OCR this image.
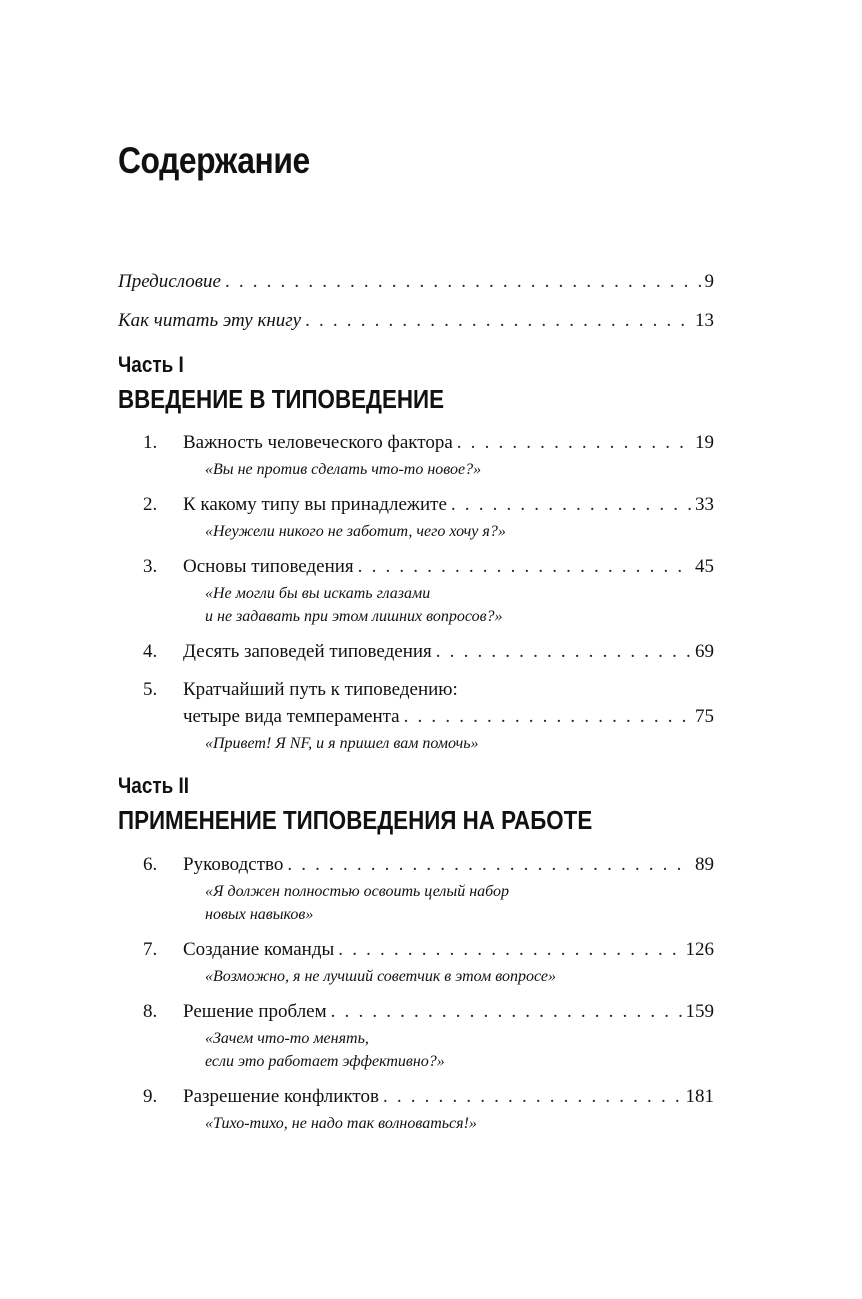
Содержание
Предисловие . . .	9
Как читать эту книгу . . .	13
Часть I
ВВЕДЕНИЕ В ТИПОВЕДЕНИЕ
1. Важность человеческого фактора . . .	19
«Вы не против сделать что-то новое?»
2. К какому типу вы принадлежите . . .	33
«Неужели никого не заботит, чего хочу я?»
3. Основы типоведения . . .	45
«Не могли бы вы искать глазами
и не задавать при этом лишних вопросов?»
4. Десять заповедей типоведения . . .	69
5. Кратчайший путь к типоведению:
четыре вида темперамента . . .	75
«Привет! Я NF, и я пришел вам помочь»
Часть II
ПРИМЕНЕНИЕ ТИПОВЕДЕНИЯ НА РАБОТЕ
6. Руководство . . .	89
«Я должен полностью освоить целый набор
новых навыков»
7. Создание команды . . .	126
«Возможно, я не лучший советчик в этом вопросе»
8. Решение проблем . . .	159
«Зачем что-то менять,
если это работает эффективно?»
9. Разрешение конфликтов . . .	181
«Тихо-тихо, не надо так волноваться!»
